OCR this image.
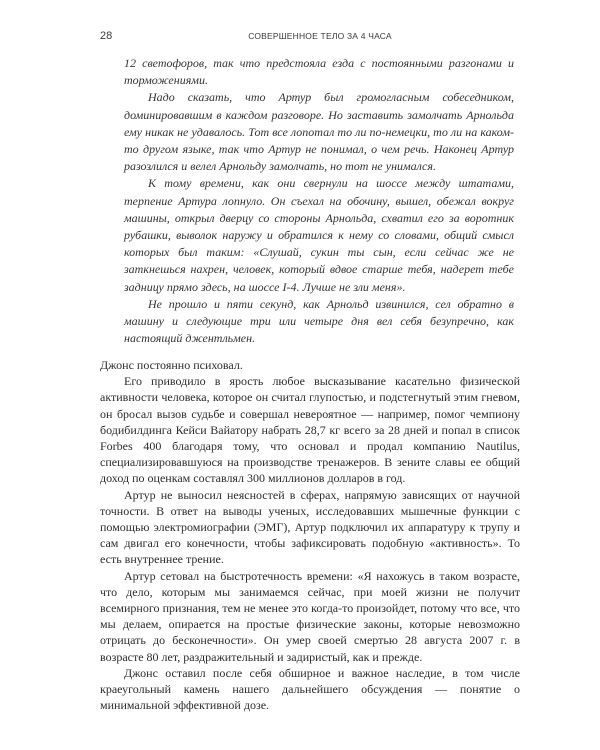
28	СОВЕРШЕННОЕ ТЕЛО ЗА 4 ЧАСА

12 светофоров, так что предстояла езда с постоянными разгонами и торможениями.

Надо сказать, что Артур был громогласным собеседником, доминировавшим в каждом разговоре. Но заставить замолчать Арнольда ему никак не удавалось. Тот все лопотал то ли по-немецки, то ли на каком-то другом языке, так что Артур не понимал, о чем речь. Наконец Артур разозлился и велел Арнольду замолчать, но тот не унимался.

К тому времени, как они свернули на шоссе между штатами, терпение Артура лопнуло. Он съехал на обочину, вышел, обежал вокруг машины, открыл дверцу со стороны Арнольда, схватил его за воротник рубашки, выволок наружу и обратился к нему со словами, общий смысл которых был таким: «Слушай, сукин ты сын, если сейчас же не заткнешься нахрен, человек, который вдвое старше тебя, надерет тебе задницу прямо здесь, на шоссе I-4. Лучше не зли меня».

Не прошло и пяти секунд, как Арнольд извинился, сел обратно в машину и следующие три или четыре дня вел себя безупречно, как настоящий джентльмен.

Джонс постоянно психовал.

Его приводило в ярость любое высказывание касательно физической активности человека, которое он считал глупостью, и подстегнутый этим гневом, он бросал вызов судьбе и совершал невероятное — например, помог чемпиону бодибилдинга Кейси Вайатору набрать 28,7 кг всего за 28 дней и попал в список Forbes 400 благодаря тому, что основал и продал компанию Nautilus, специализировавшуюся на производстве тренажеров. В зените славы ее общий доход по оценкам составлял 300 миллионов долларов в год.

Артур не выносил неясностей в сферах, напрямую зависящих от научной точности. В ответ на выводы ученых, исследовавших мышечные функции с помощью электромиографии (ЭМГ), Артур подключил их аппаратуру к трупу и сам двигал его конечности, чтобы зафиксировать подобную «активность». То есть внутреннее трение.

Артур сетовал на быстротечность времени: «Я нахожусь в таком возрасте, что дело, которым мы занимаемся сейчас, при моей жизни не получит всемирного признания, тем не менее это когда-то произойдет, потому что все, что мы делаем, опирается на простые физические законы, которые невозможно отрицать до бесконечности». Он умер своей смертью 28 августа 2007 г. в возрасте 80 лет, раздражительный и задиристый, как и прежде.

Джонс оставил после себя обширное и важное наследие, в том числе краеугольный камень нашего дальнейшего обсуждения — понятие о минимальной эффективной дозе.
